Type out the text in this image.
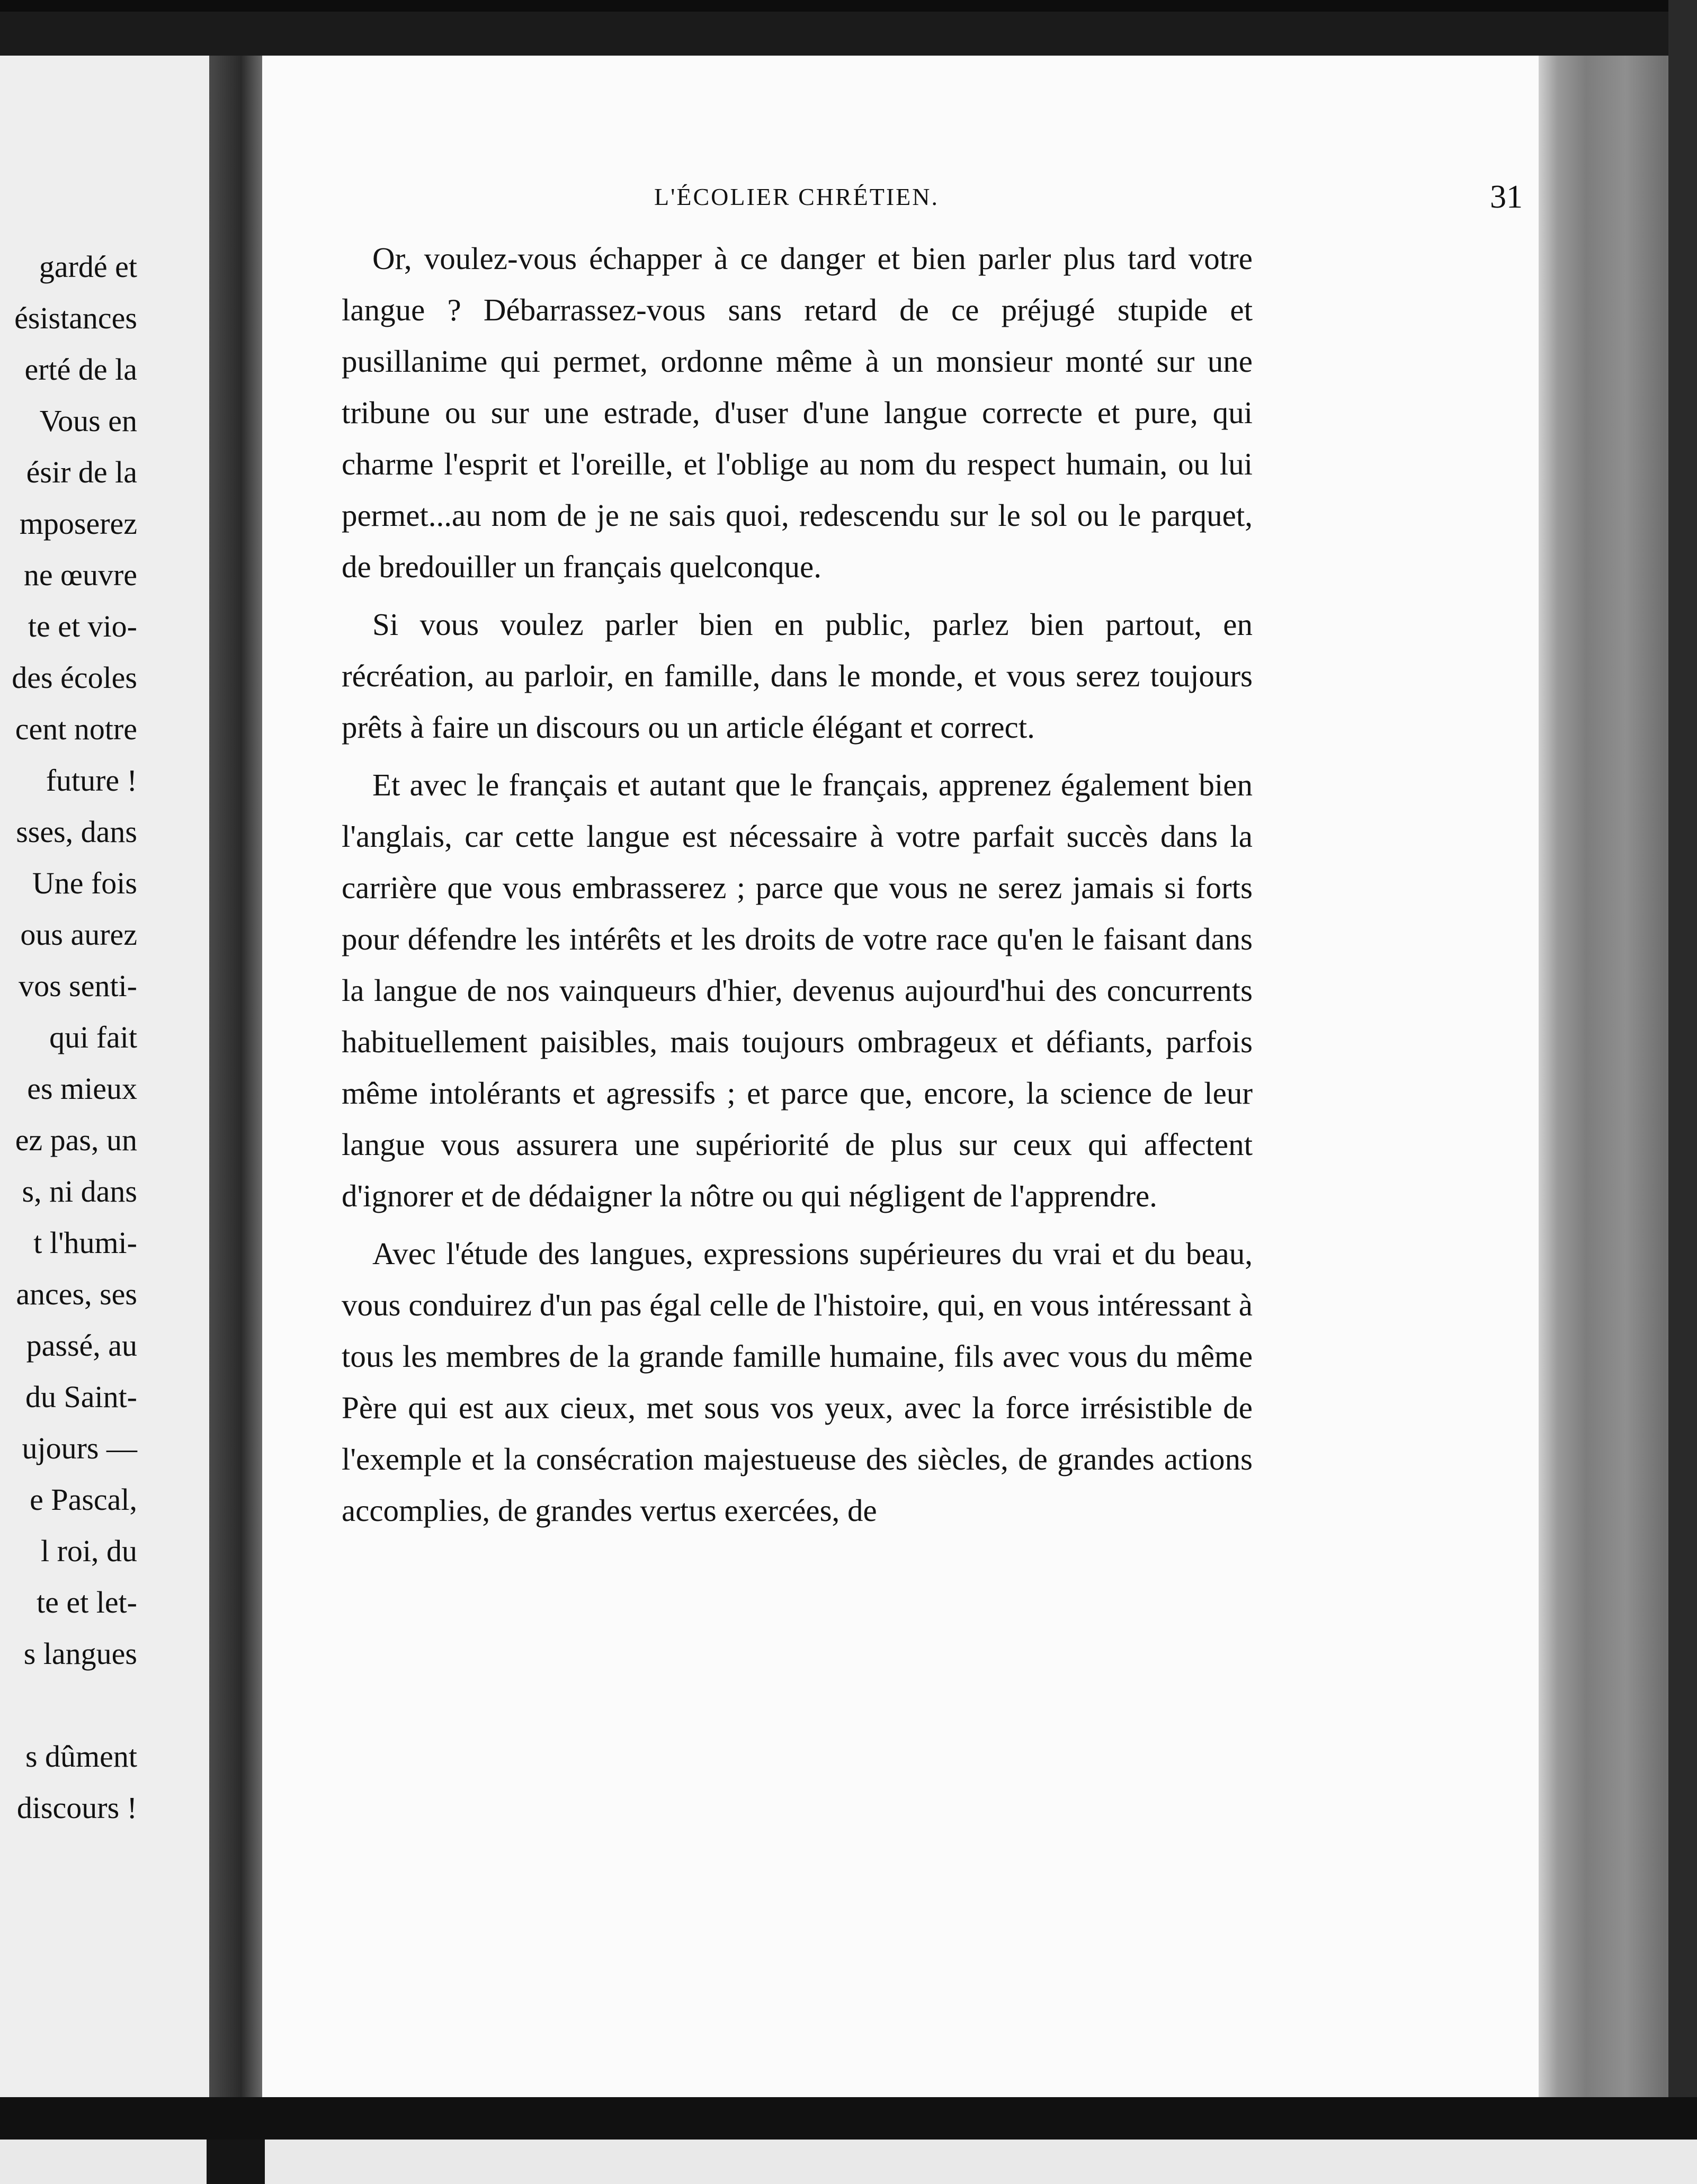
gardé et
ésistances
erté de la
Vous en
ésir de la
mposerez
ne œuvre
te et vio-
des écoles
cent notre
future !
sses, dans
Une fois
ous aurez
vos senti-
qui fait
es mieux
ez pas, un
s, ni dans
t l'humi-
ances, ses
passé, au
du Saint-
ujours —
e Pascal,
l roi, du
te et let-
s langues

s dûment
discours !
L'ÉCOLIER CHRÉTIEN.	31

Or, voulez-vous échapper à ce danger et bien parler plus tard votre langue ? Débarrassez-vous sans retard de ce préjugé stupide et pusillanime qui permet, ordonne même à un monsieur monté sur une tribune ou sur une estrade, d'user d'une langue correcte et pure, qui charme l'esprit et l'oreille, et l'oblige au nom du respect humain, ou lui permet...au nom de je ne sais quoi, redescendu sur le sol ou le parquet, de bredouiller un français quelconque.

Si vous voulez parler bien en public, parlez bien partout, en récréation, au parloir, en famille, dans le monde, et vous serez toujours prêts à faire un discours ou un article élégant et correct.

Et avec le français et autant que le français, apprenez également bien l'anglais, car cette langue est nécessaire à votre parfait succès dans la carrière que vous embrasserez ; parce que vous ne serez jamais si forts pour défendre les intérêts et les droits de votre race qu'en le faisant dans la langue de nos vainqueurs d'hier, devenus aujourd'hui des concurrents habituellement paisibles, mais toujours ombrageux et défiants, parfois même intolérants et agressifs ; et parce que, encore, la science de leur langue vous assurera une supériorité de plus sur ceux qui affectent d'ignorer et de dédaigner la nôtre ou qui négligent de l'apprendre.

Avec l'étude des langues, expressions supérieures du vrai et du beau, vous conduirez d'un pas égal celle de l'histoire, qui, en vous intéressant à tous les membres de la grande famille humaine, fils avec vous du même Père qui est aux cieux, met sous vos yeux, avec la force irrésistible de l'exemple et la consécration majestueuse des siècles, de grandes actions accomplies, de grandes vertus exercées, de
